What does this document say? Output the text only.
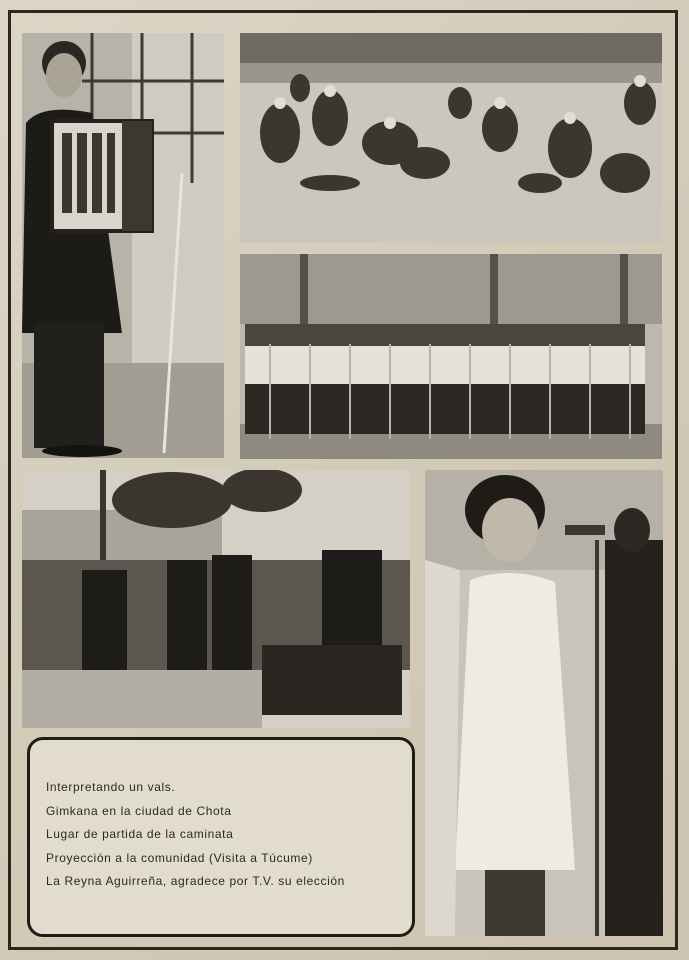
Interpretando un vals.
Gimkana en la ciudad de Chota
Lugar de partida de la caminata
Proyección a la comunidad (Visita a Túcume)
La Reyna Aguirreña, agradece por T.V. su elección
